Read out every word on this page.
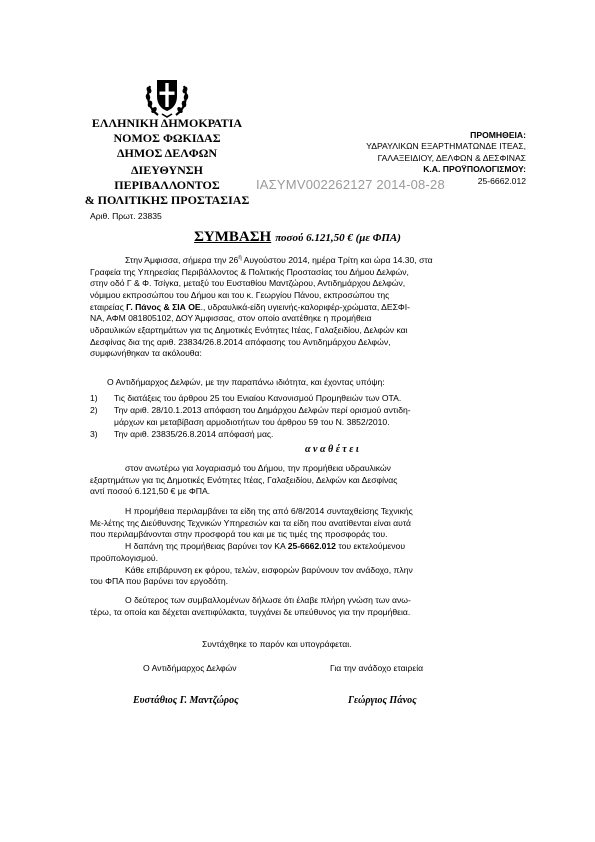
ΕΛΛΗΝΙΚΗ ΔΗΜΟΚΡΑΤΙΑ
ΝΟΜΟΣ ΦΩΚΙΔΑΣ
ΔΗΜΟΣ ΔΕΛΦΩΝ
ΔΙΕΥΘΥΝΣΗ ΠΕΡΙΒΑΛΛΟΝΤΟΣ
& ΠΟΛΙΤΙΚΗΣ ΠΡΟΣΤΑΣΙΑΣ
ΠΡΟΜΗΘΕΙΑ:
ΥΔΡΑΥΛΙΚΩΝ ΕΞΑΡΤΗΜΑΤΩΝΔΕ ΙΤΕΑΣ,
ΓΑΛΑΞΕΙΔΙΟΥ, ΔΕΛΦΩΝ & ΔΕΣΦΙΝΑΣ
Κ.Α. ΠΡΟΫΠΟΛΟΓΙΣΜΟΥ:
25-6662.012
ΙΑΣΥΜV002262127 2014-08-28
Αριθ. Πρωτ. 23835
ΣΥΜΒΑΣΗ ποσού 6.121,50 € (με ΦΠΑ)
Στην Άμφισσα, σήμερα την $26^\eta$ Αυγούστου 2014, ημέρα Τρίτη και ώρα 14.30, στα
Γραφεία της Υπηρεσίας Περιβάλλοντος & Πολιτικής Προστασίας του Δήμου Δελφών,
στην οδό Γ & Φ. Τσίγκα, μεταξύ του Ευσταθίου Μαντζώρου, Αντιδημάρχου Δελφών,
νόμιμου εκπροσώπου του Δήμου και του κ. Γεωργίου Πάνου, εκπροσώπου της
εταιρείας Γ. Πάνος & ΣΙΑ ΟΕ., υδραυλικά-είδη υγιεινής-καλοριφέρ-χρώματα, ΔΕΣΦΙ-
ΝΑ, ΑΦΜ 081805102, ΔΟΥ Άμφισσας, στον οποίο ανατέθηκε η προμήθεια
υδραυλικών εξαρτημάτων για τις Δημοτικές Ενότητες Ιτέας, Γαλαξειδίου, Δελφών και
Δεσφίνας δια της αριθ. 23834/26.8.2014 απόφασης του Αντιδημάρχου Δελφών,
συμφωνήθηκαν τα ακόλουθα:
Ο Αντιδήμαρχος Δελφών, με την παραπάνω ιδιότητα, και έχοντας υπόψη:
1) Τις διατάξεις του άρθρου 25 του Ενιαίου Κανονισμού Προμηθειών των ΟΤΑ.
2) Την αριθ. 28/10.1.2013 απόφαση του Δημάρχου Δελφών περί ορισμού αντιδη-
μάρχων και μεταβίβαση αρμοδιοτήτων του άρθρου 59 του Ν. 3852/2010.
3) Την αριθ. 23835/26.8.2014 απόφασή μας.
α ν α θ έ τ ε ι
στον ανωτέρω για λογαριασμό του Δήμου, την προμήθεια υδραυλικών
εξαρτημάτων για τις Δημοτικές Ενότητες Ιτέας, Γαλαξειδίου, Δελφών και Δεσφίνας
αντί ποσού 6.121,50 € με ΦΠΑ.
Η προμήθεια περιλαμβάνει τα είδη της από 6/8/2014 συνταχθείσης Τεχνικής
Με-λέτης της Διεύθυνσης Τεχνικών Υπηρεσιών και τα είδη που ανατίθενται είναι αυτά
που περιλαμβάνονται στην προσφορά του και με τις τιμές της προσφοράς του.
Η δαπάνη της προμήθειας βαρύνει τον ΚΑ 25-6662.012 του εκτελούμενου
προϋπολογισμού.
Κάθε επιβάρυνση εκ φόρου, τελών, εισφορών βαρύνουν τον ανάδοχο, πλην
του ΦΠΑ που βαρύνει τον εργοδότη.
Ο δεύτερος των συμβαλλομένων δήλωσε ότι έλαβε πλήρη γνώση των ανω-
τέρω, τα οποία και δέχεται ανεπιφύλακτα, τυγχάνει δε υπεύθυνος για την προμήθεια.
Συντάχθηκε το παρόν και υπογράφεται.
Ο Αντιδήμαρχος Δελφών	Για την ανάδοχο εταιρεία
Ευστάθιος Γ. Μαντζώρος	Γεώργιος Πάνος
